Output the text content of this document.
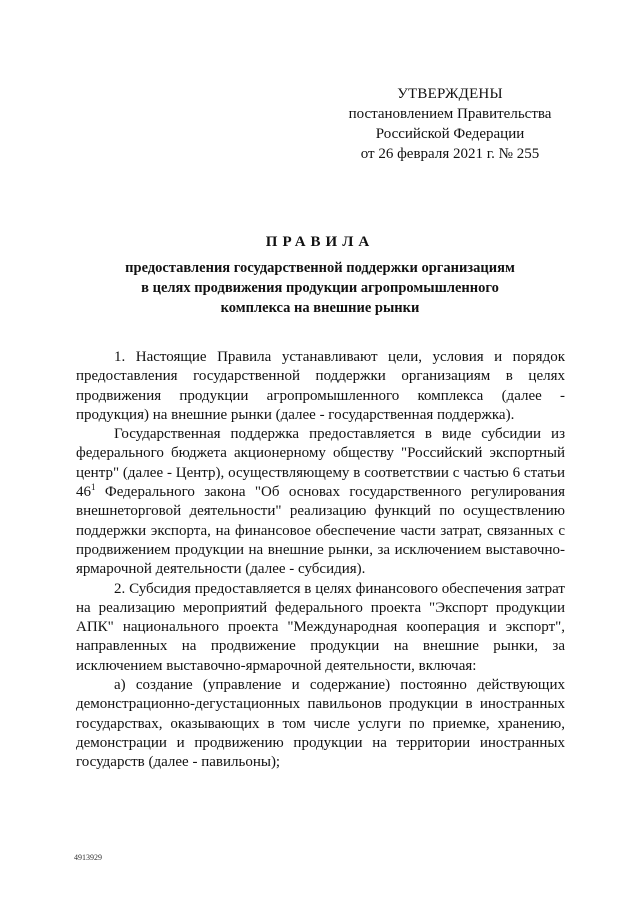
УТВЕРЖДЕНЫ
постановлением Правительства
Российской Федерации
от 26 февраля 2021 г. № 255
ПРАВИЛА
предоставления государственной поддержки организациям в целях продвижения продукции агропромышленного комплекса на внешние рынки

1. Настоящие Правила устанавливают цели, условия и порядок предоставления государственной поддержки организациям в целях продвижения продукции агропромышленного комплекса (далее - продукция) на внешние рынки (далее - государственная поддержка).

Государственная поддержка предоставляется в виде субсидии из федерального бюджета акционерному обществу "Российский экспортный центр" (далее - Центр), осуществляющему в соответствии с частью 6 статьи $46^1$ Федерального закона "Об основах государственного регулирования внешнеторговой деятельности" реализацию функций по осуществлению поддержки экспорта, на финансовое обеспечение части затрат, связанных с продвижением продукции на внешние рынки, за исключением выставочно-ярмарочной деятельности (далее - субсидия).

2. Субсидия предоставляется в целях финансового обеспечения затрат на реализацию мероприятий федерального проекта "Экспорт продукции АПК" национального проекта "Международная кооперация и экспорт", направленных на продвижение продукции на внешние рынки, за исключением выставочно-ярмарочной деятельности, включая:

а) создание (управление и содержание) постоянно действующих демонстрационно-дегустационных павильонов продукции в иностранных государствах, оказывающих в том числе услуги по приемке, хранению, демонстрации и продвижению продукции на территории иностранных государств (далее - павильоны);

4913929
